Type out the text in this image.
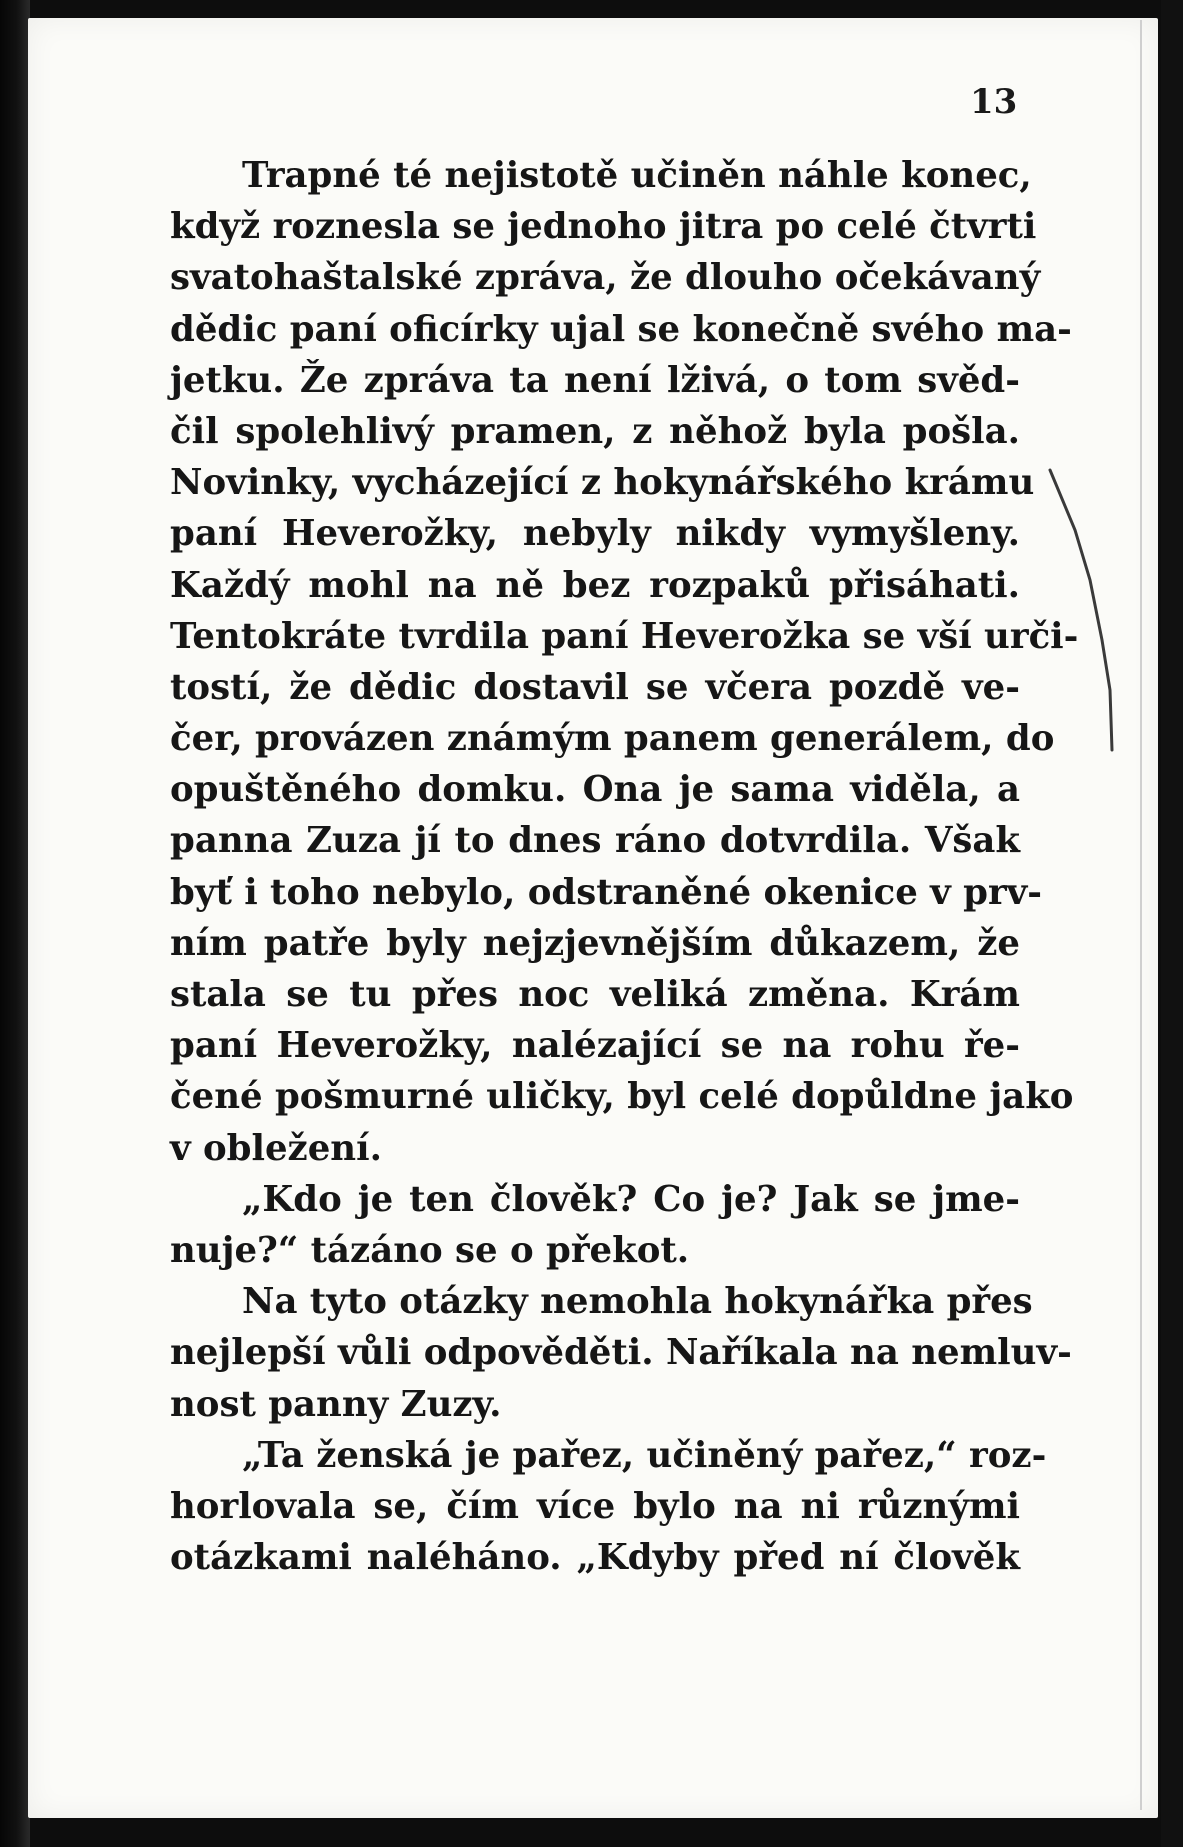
13
Trapné té nejistotě učiněn náhle konec,
když roznesla se jednoho jitra po celé čtvrti
svatohaštalské zpráva, že dlouho očekávaný
dědic paní oficírky ujal se konečně svého ma-
jetku. Že zpráva ta není lživá, o tom svěd-
čil spolehlivý pramen, z něhož byla pošla.
Novinky, vycházející z hokynářského krámu
paní Heverožky, nebyly nikdy vymyšleny.
Každý mohl na ně bez rozpaků přisáhati.
Tentokráte tvrdila paní Heverožka se vší urči-
tostí, že dědic dostavil se včera pozdě ve-
čer, provázen známým panem generálem, do
opuštěného domku. Ona je sama viděla, a
panna Zuza jí to dnes ráno dotvrdila. Však
byť i toho nebylo, odstraněné okenice v prv-
ním patře byly nejzjevnějším důkazem, že
stala se tu přes noc veliká změna. Krám
paní Heverožky, nalézající se na rohu ře-
čené pošmurné uličky, byl celé dopůldne jako
v obležení.
„Kdo je ten člověk? Co je? Jak se jme-
nuje?“ tázáno se o překot.
Na tyto otázky nemohla hokynářka přes
nejlepší vůli odpověděti. Naříkala na nemluv-
nost panny Zuzy.
„Ta ženská je pařez, učiněný pařez,“ roz-
horlovala se, čím více bylo na ni různými
otázkami naléháno. „Kdyby před ní člověk
